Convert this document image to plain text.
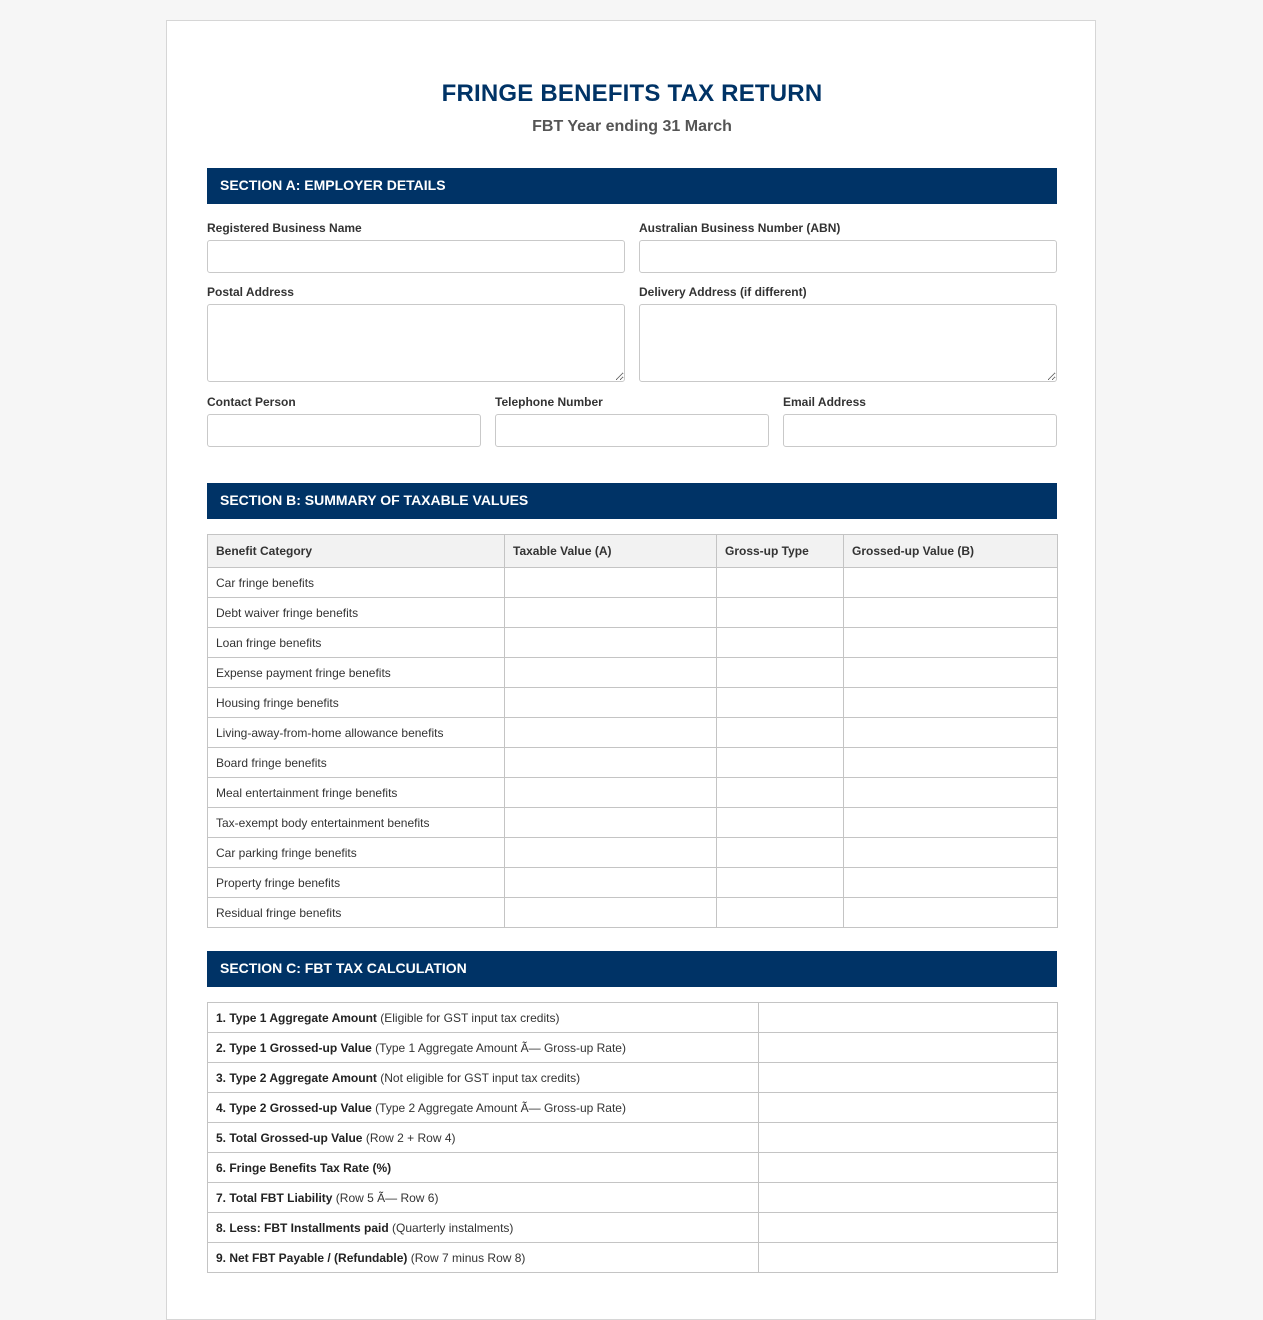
FRINGE BENEFITS TAX RETURN
FBT Year ending 31 March
SECTION A: EMPLOYER DETAILS
Registered Business Name	Australian Business Number (ABN)
Postal Address	Delivery Address (if different)
Contact Person	Telephone Number	Email Address
SECTION B: SUMMARY OF TAXABLE VALUES
Benefit Category	Taxable Value (A)	Gross-up Type	Grossed-up Value (B)
Car fringe benefits			
Debt waiver fringe benefits			
Loan fringe benefits			
Expense payment fringe benefits			
Housing fringe benefits			
Living-away-from-home allowance benefits			
Board fringe benefits			
Meal entertainment fringe benefits			
Tax-exempt body entertainment benefits			
Car parking fringe benefits			
Property fringe benefits			
Residual fringe benefits			
SECTION C: FBT TAX CALCULATION
1. Type 1 Aggregate Amount (Eligible for GST input tax credits)	
2. Type 1 Grossed-up Value (Type 1 Aggregate Amount Ã— Gross-up Rate)	
3. Type 2 Aggregate Amount (Not eligible for GST input tax credits)	
4. Type 2 Grossed-up Value (Type 2 Aggregate Amount Ã— Gross-up Rate)	
5. Total Grossed-up Value (Row 2 + Row 4)	
6. Fringe Benefits Tax Rate (%)	
7. Total FBT Liability (Row 5 Ã— Row 6)	
8. Less: FBT Installments paid (Quarterly instalments)	
9. Net FBT Payable / (Refundable) (Row 7 minus Row 8)	
